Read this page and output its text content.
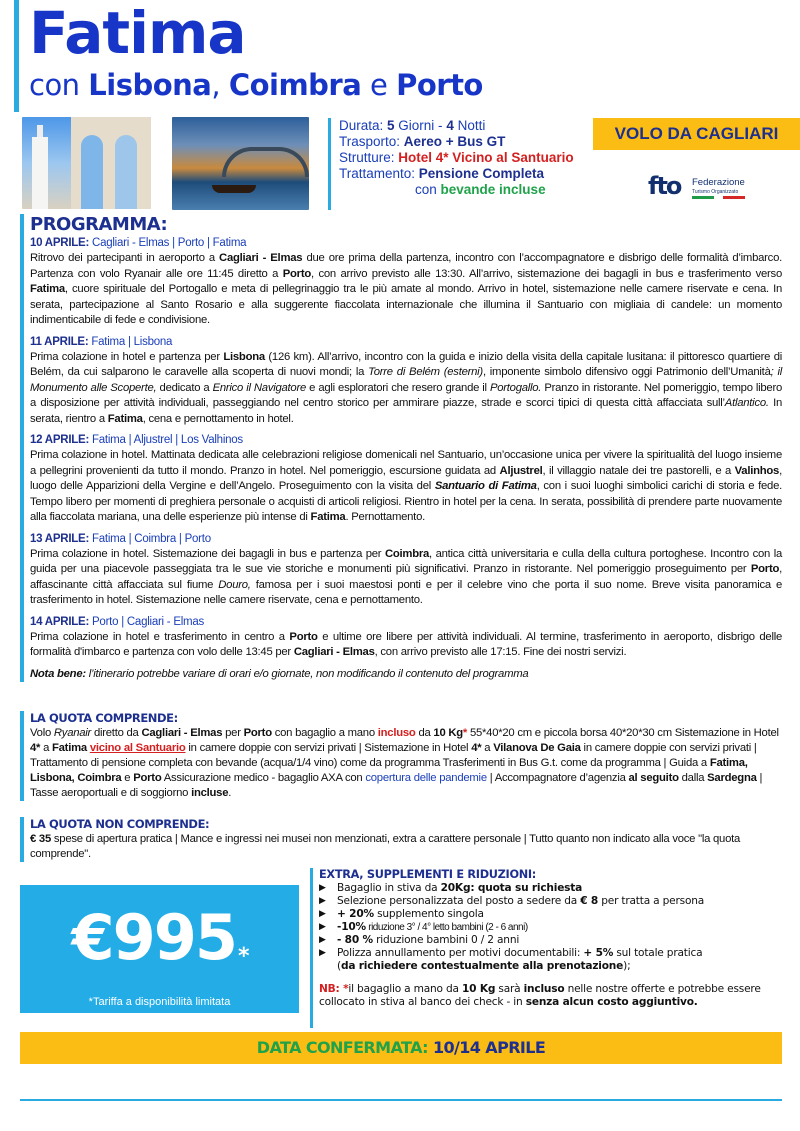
Fatima
con Lisbona, Coimbra e Porto
Durata: 5 Giorni - 4 Notti
Trasporto: Aereo + Bus GT
Strutture: Hotel 4* Vicino al Santuario
Trattamento: Pensione Completa
con bevande incluse
VOLO DA CAGLIARI
fto Federazione
Turismo Organizzato
PROGRAMMA:
10 APRILE: Cagliari - Elmas | Porto | Fatima

Ritrovo dei partecipanti in aeroporto a Cagliari - Elmas due ore prima della partenza, incontro con l’accompagnatore e disbrigo delle formalità d’imbarco. Partenza con volo Ryanair alle ore 11:45 diretto a Porto, con arrivo previsto alle 13:30. All’arrivo, sistemazione dei bagagli in bus e trasferimento verso Fatima, cuore spirituale del Portogallo e meta di pellegrinaggio tra le più amate al mondo. Arrivo in hotel, sistemazione nelle camere riservate e cena. In serata, partecipazione al Santo Rosario e alla suggerente fiaccolata internazionale che illumina il Santuario con migliaia di candele: un momento indimenticabile di fede e condivisione.

11 APRILE: Fatima | Lisbona

Prima colazione in hotel e partenza per Lisbona (126 km). All’arrivo, incontro con la guida e inizio della visita della capitale lusitana: il pittoresco quartiere di Belém, da cui salparono le caravelle alla scoperta di nuovi mondi; la Torre di Belém (esterni), imponente simbolo difensivo oggi Patrimonio dell’Umanità; il Monumento alle Scoperte, dedicato a Enrico il Navigatore e agli esploratori che resero grande il Portogallo. Pranzo in ristorante. Nel pomeriggio, tempo libero a disposizione per attività individuali, passeggiando nel centro storico per ammirare piazze, strade e scorci tipici di questa città affacciata sull’Atlantico. In serata, rientro a Fatima, cena e pernottamento in hotel.

12 APRILE: Fatima | Aljustrel | Los Valhinos

Prima colazione in hotel. Mattinata dedicata alle celebrazioni religiose domenicali nel Santuario, un’occasione unica per vivere la spiritualità del luogo insieme a pellegrini provenienti da tutto il mondo. Pranzo in hotel. Nel pomeriggio, escursione guidata ad Aljustrel, il villaggio natale dei tre pastorelli, e a Valinhos, luogo delle Apparizioni della Vergine e dell’Angelo. Proseguimento con la visita del Santuario di Fatima, con i suoi luoghi simbolici carichi di storia e fede. Tempo libero per momenti di preghiera personale o acquisti di articoli religiosi. Rientro in hotel per la cena. In serata, possibilità di prendere parte nuovamente alla fiaccolata mariana, una delle esperienze più intense di Fatima. Pernottamento.

13 APRILE: Fatima | Coimbra | Porto

Prima colazione in hotel. Sistemazione dei bagagli in bus e partenza per Coimbra, antica città universitaria e culla della cultura portoghese. Incontro con la guida per una piacevole passeggiata tra le sue vie storiche e monumenti più significativi. Pranzo in ristorante. Nel pomeriggio proseguimento per Porto, affascinante città affacciata sul fiume Douro, famosa per i suoi maestosi ponti e per il celebre vino che porta il suo nome. Breve visita panoramica e trasferimento in hotel. Sistemazione nelle camere riservate, cena e pernottamento.

14 APRILE: Porto | Cagliari - Elmas

Prima colazione in hotel e trasferimento in centro a Porto e ultime ore libere per attività individuali. Al termine, trasferimento in aeroporto, disbrigo delle formalità d'imbarco e partenza con volo delle 13:45 per Cagliari - Elmas, con arrivo previsto alle 17:15. Fine dei nostri servizi.

Nota bene: l’itinerario potrebbe variare di orari e/o giornate, non modificando il contenuto del programma
LA QUOTA COMPRENDE:

Volo Ryanair diretto da Cagliari - Elmas per Porto con bagaglio a mano incluso da 10 Kg* 55*40*20 cm e piccola borsa 40*20*30 cm Sistemazione in Hotel 4* a Fatima vicino al Santuario in camere doppie con servizi privati | Sistemazione in Hotel 4* a Vilanova De Gaia in camere doppie con servizi privati | Trattamento di pensione completa con bevande (acqua/1/4 vino) come da programma Trasferimenti in Bus G.t. come da programma | Guida a Fatima, Lisbona, Coimbra e Porto Assicurazione medico - bagaglio AXA con copertura delle pandemie | Accompagnatore d’agenzia al seguito dalla Sardegna | Tasse aeroportuali e di soggiorno incluse.

LA QUOTA NON COMPRENDE:

€ 35 spese di apertura pratica | Mance e ingressi nei musei non menzionati, extra a carattere personale | Tutto quanto non indicato alla voce "la quota comprende".

€995*
*Tariffa a disponibilità limitata
EXTRA, SUPPLEMENTI E RIDUZIONI:
▶ Bagaglio in stiva da 20Kg: quota su richiesta
▶ Selezione personalizzata del posto a sedere da € 8 per tratta a persona
▶ + 20% supplemento singola
▶ -10% riduzione 3° / 4° letto bambini (2 - 6 anni)
▶ - 80 % riduzione bambini 0 / 2 anni
▶ Polizza annullamento per motivi documentabili: + 5% sul totale pratica
(da richiedere contestualmente alla prenotazione);
NB: *il bagaglio a mano da 10 Kg sarà incluso nelle nostre offerte e potrebbe essere collocato in stiva al banco dei check - in senza alcun costo aggiuntivo.
DATA CONFERMATA: 10/14 APRILE
